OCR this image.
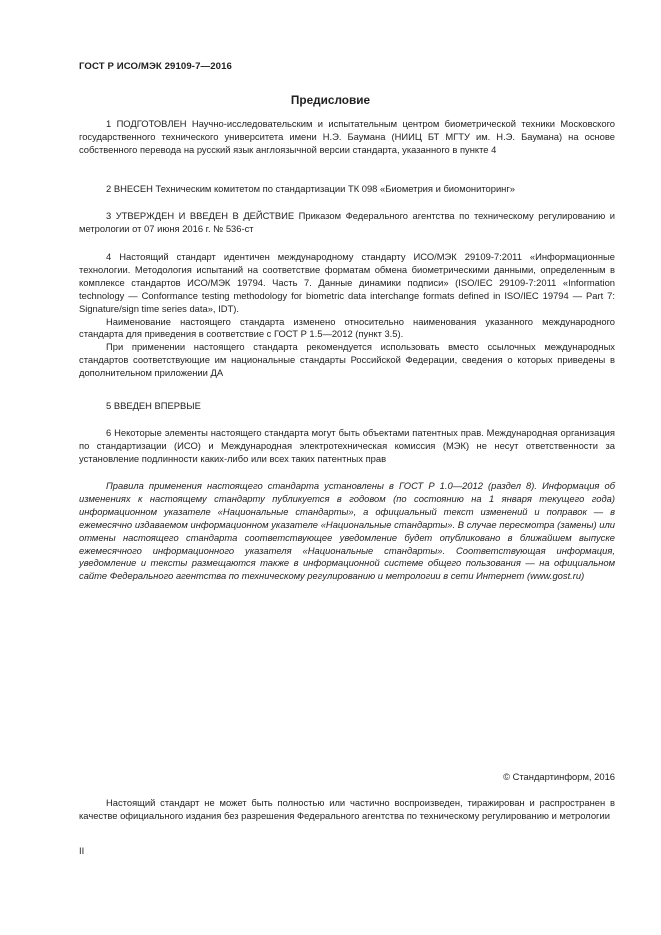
ГОСТ Р ИСО/МЭК 29109-7—2016
Предисловие

1 ПОДГОТОВЛЕН Научно-исследовательским и испытательным центром биометрической техники Московского государственного технического университета имени Н.Э. Баумана (НИИЦ БТ МГТУ им. Н.Э. Баумана) на основе собственного перевода на русский язык англоязычной версии стандарта, указанного в пункте 4

2 ВНЕСЕН Техническим комитетом по стандартизации ТК 098 «Биометрия и биомониторинг»

3 УТВЕРЖДЕН И ВВЕДЕН В ДЕЙСТВИЕ Приказом Федерального агентства по техническому регулированию и метрологии от 07 июня 2016 г. № 536-ст

4 Настоящий стандарт идентичен международному стандарту ИСО/МЭК 29109-7:2011 «Информационные технологии. Методология испытаний на соответствие форматам обмена биометрическими данными, определенным в комплексе стандартов ИСО/МЭК 19794. Часть 7. Данные динамики подписи» (ISO/IEC 29109-7:2011 «Information technology — Conformance testing methodology for biometric data interchange formats defined in ISO/IEC 19794 — Part 7: Signature/sign time series data», IDT).

Наименование настоящего стандарта изменено относительно наименования указанного международного стандарта для приведения в соответствие с ГОСТ Р 1.5—2012 (пункт 3.5).

При применении настоящего стандарта рекомендуется использовать вместо ссылочных международных стандартов соответствующие им национальные стандарты Российской Федерации, сведения о которых приведены в дополнительном приложении ДА

5 ВВЕДЕН ВПЕРВЫЕ

6 Некоторые элементы настоящего стандарта могут быть объектами патентных прав. Международная организация по стандартизации (ИСО) и Международная электротехническая комиссия (МЭК) не несут ответственности за установление подлинности каких-либо или всех таких патентных прав

Правила применения настоящего стандарта установлены в ГОСТ Р 1.0—2012 (раздел 8). Информация об изменениях к настоящему стандарту публикуется в годовом (по состоянию на 1 января текущего года) информационном указателе «Национальные стандарты», а официальный текст изменений и поправок — в ежемесячно издаваемом информационном указателе «Национальные стандарты». В случае пересмотра (замены) или отмены настоящего стандарта соответствующее уведомление будет опубликовано в ближайшем выпуске ежемесячного информационного указателя «Национальные стандарты». Соответствующая информация, уведомление и тексты размещаются также в информационной системе общего пользования — на официальном сайте Федерального агентства по техническому регулированию и метрологии в сети Интернет (www.gost.ru)

© Стандартинформ, 2016

Настоящий стандарт не может быть полностью или частично воспроизведен, тиражирован и распространен в качестве официального издания без разрешения Федерального агентства по техническому регулированию и метрологии

II
